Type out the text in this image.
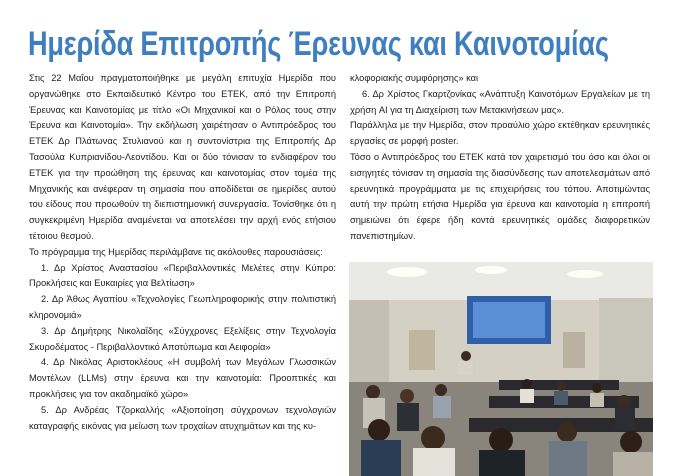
Ημερίδα Επιτροπής Έρευνας και Καινοτομίας

Στις 22 Μαΐου πραγματοποιήθηκε με μεγάλη επιτυχία Ημερίδα που οργανώθηκε στο Εκπαιδευτικό Κέντρο του ΕΤΕΚ, από την Επιτροπή Έρευνας και Καινοτομίας με τίτλο «Οι Μηχανικοί και ο Ρόλος τους στην Έρευνα και Καινοτομία». Την εκδήλωση χαιρέτησαν ο Αντιπρόεδρος του ΕΤΕΚ Δρ Πλάτωνας Στυλιανού και η συντονίστρια της Επιτροπής Δρ Τασούλα Κυπριανίδου-Λεοντίδου. Και οι δύο τόνισαν το ενδιαφέρον του ΕΤΕΚ για την προώθηση της έρευνας και καινοτομίας στον τομέα της Μηχανικής και ανέφεραν τη σημασία που αποδίδεται σε ημερίδες αυτού του είδους που προωθούν τη διεπιστημονική συνεργασία. Τονίσθηκε ότι η συγκεκριμένη Ημερίδα αναμένεται να αποτελέσει την αρχή ενός ετήσιου τέτοιου θεσμού.

Το πρόγραμμα της Ημερίδας περιλάμβανε τις ακόλουθες παρουσιάσεις:

1. Δρ Χρίστος Αναστασίου «Περιβαλλοντικές Μελέτες στην Κύπρο: Προκλήσεις και Ευκαιρίες για Βελτίωση»

2. Δρ Άθως Αγαπίου «Τεχνολογίες Γεωπληροφορικής στην πολιτιστική κληρονομιά»

3. Δρ Δημήτρης Νικολαΐδης «Σύγχρονες Εξελίξεις στην Τεχνολογία Σκυροδέματος - Περιβαλλοντικό Αποτύπωμα και Αειφορία»

4. Δρ Νικόλας Αριστοκλέους «Η συμβολή των Μεγάλων Γλωσσικών Μοντέλων (LLMs) στην έρευνα και την καινοτομία: Προοπτικές και προκλήσεις για τον ακαδημαϊκό χώρο»

5. Δρ Ανδρέας Τζορκαλλής «Αξιοποίηση σύγχρονων τεχνολογιών καταγραφής εικόνας για μείωση των τροχαίων ατυχημάτων και της κυ-

κλοφοριακής συμφόρησης» και

6. Δρ Χρίστος Γκαρτζονίκας «Ανάπτυξη Καινοτόμων Εργαλείων με τη χρήση AI για τη Διαχείριση των Μετακινήσεων μας».

Παράλληλα με την Ημερίδα, στον προαύλιο χώρο εκτέθηκαν ερευνητικές εργασίες σε μορφή poster.

Τόσο ο Αντιπρόεδρος του ΕΤΕΚ κατά τον χαιρετισμό του όσο και όλοι οι εισηγητές τόνισαν τη σημασία της διασύνδεσης των αποτελεσμάτων από ερευνητικά προγράμματα με τις επιχειρήσεις του τόπου. Αποτιμώντας αυτή την πρώτη ετήσια Ημερίδα για έρευνα και καινοτομία η επιτροπή σημειώνει ότι έφερε ήδη κοντά ερευνητικές ομάδες διαφορετικών πανεπιστημίων.
